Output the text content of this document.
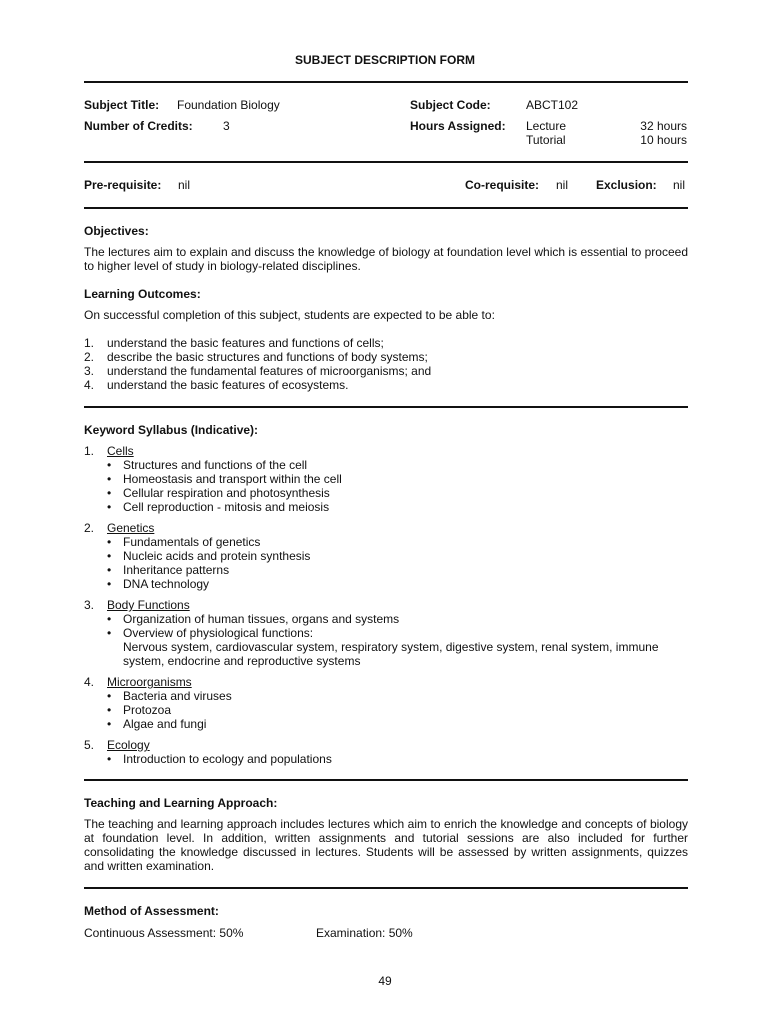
SUBJECT DESCRIPTION FORM
Subject Title: Foundation Biology
Number of Credits:	3
Subject Code:	ABCT102
Hours Assigned: Lecture	32 hours
Tutorial	10 hours
Pre-requisite: nil	Co-requisite: nil Exclusion: nil
Objectives:
The lectures aim to explain and discuss the knowledge of biology at foundation level which is essential to proceed to higher level of study in biology-related disciplines.
Learning Outcomes:
On successful completion of this subject, students are expected to be able to:
1. understand the basic features and functions of cells;
2. describe the basic structures and functions of body systems;
3. understand the fundamental features of microorganisms; and
4. understand the basic features of ecosystems.
Keyword Syllabus (Indicative):
1. Cells
• Structures and functions of the cell
• Homeostasis and transport within the cell
• Cellular respiration and photosynthesis
• Cell reproduction - mitosis and meiosis
2. Genetics
• Fundamentals of genetics
• Nucleic acids and protein synthesis
• Inheritance patterns
• DNA technology
3. Body Functions
• Organization of human tissues, organs and systems
• Overview of physiological functions:
Nervous system, cardiovascular system, respiratory system, digestive system, renal system, immune system, endocrine and reproductive systems
4. Microorganisms
• Bacteria and viruses
• Protozoa
• Algae and fungi
5. Ecology
• Introduction to ecology and populations
Teaching and Learning Approach:
The teaching and learning approach includes lectures which aim to enrich the knowledge and concepts of biology at foundation level. In addition, written assignments and tutorial sessions are also included for further consolidating the knowledge discussed in lectures. Students will be assessed by written assignments, quizzes and written examination.
Method of Assessment:
Continuous Assessment: 50%	Examination: 50%
49
